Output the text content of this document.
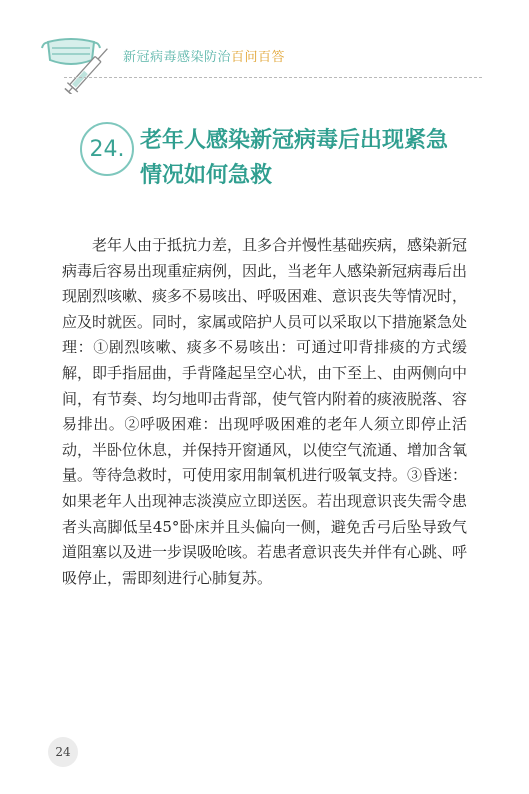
新冠病毒感染防治百问百答
24. 老年人感染新冠病毒后出现紧急情况如何急救

老年人由于抵抗力差，且多合并慢性基础疾病，感染新冠病毒后容易出现重症病例，因此，当老年人感染新冠病毒后出现剧烈咳嗽、痰多不易咳出、呼吸困难、意识丧失等情况时，应及时就医。同时，家属或陪护人员可以采取以下措施紧急处理：①剧烈咳嗽、痰多不易咳出：可通过叩背排痰的方式缓解，即手指屈曲，手背隆起呈空心状，由下至上、由两侧向中间，有节奏、均匀地叩击背部，使气管内附着的痰液脱落、容易排出。②呼吸困难：出现呼吸困难的老年人须立即停止活动，半卧位休息，并保持开窗通风，以使空气流通、增加含氧量。等待急救时，可使用家用制氧机进行吸氧支持。③昏迷：如果老年人出现神志淡漠应立即送医。若出现意识丧失需令患者头高脚低呈45°卧床并且头偏向一侧，避免舌弓后坠导致气道阻塞以及进一步误吸呛咳。若患者意识丧失并伴有心跳、呼吸停止，需即刻进行心肺复苏。

24
